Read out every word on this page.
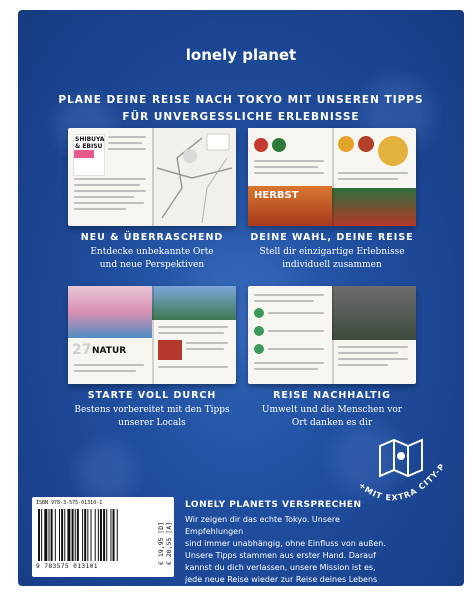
lonely planet
PLANE DEINE REISE NACH TOKYO MIT UNSEREN TIPPS
FÜR UNVERGESSLICHE ERLEBNISSE
SHIBUYA & EBISU
HERBST
NEU & ÜBERRASCHEND
Entdecke unbekannte Orte
und neue Perspektiven
DEINE WAHL, DEINE REISE
Stell dir einzigartige Erlebnisse
individuell zusammen
27 NATUR
STARTE VOLL DURCH
Bestens vorbereitet mit den Tipps
unserer Locals
REISE NACHHALTIG
Umwelt und die Menschen vor
Ort danken es dir
+MIT EXTRA CITY-P
ISBN 978-3-575-01310-1
9 783575 013101
€ 19,95 [D] € 20,55 [A]
LONELY PLANETS VERSPRECHEN
Wir zeigen dir das echte Tokyo. Unsere Empfehlungen
sind immer unabhängig, ohne Einfluss von außen.
Unsere Tipps stammen aus erster Hand. Darauf
kannst du dich verlassen, unsere Mission ist es,
jede neue Reise wieder zur Reise deines Lebens
zu machen.
